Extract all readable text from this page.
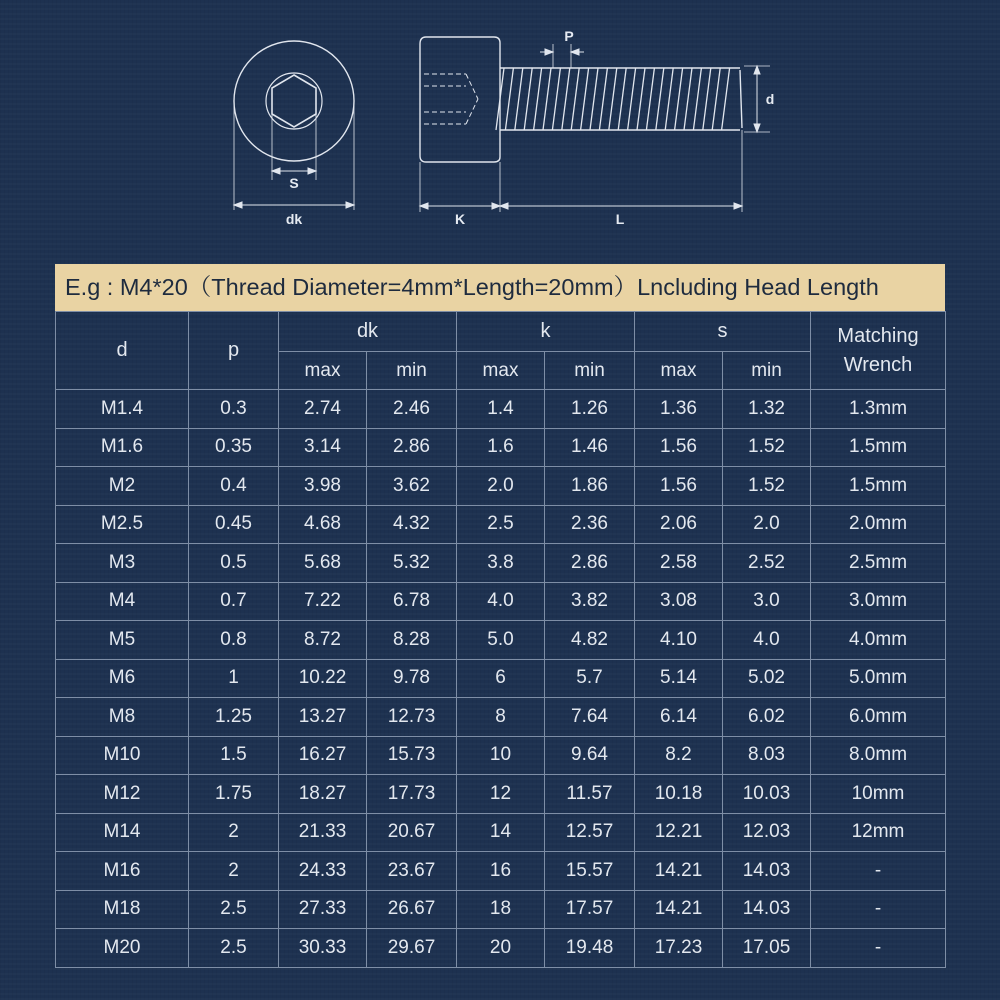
S
dk	K	L
P
d
E.g : M4*20（Thread Diameter=4mm*Length=20mm）Lncluding Head Length
d	p	dk		k		s		Matching
Wrench
		max	min	max	min	max	min	
M1.4	0.3	2.74	2.46	1.4	1.26	1.36	1.32	1.3mm
M1.6	0.35	3.14	2.86	1.6	1.46	1.56	1.52	1.5mm
M2	0.4	3.98	3.62	2.0	1.86	1.56	1.52	1.5mm
M2.5	0.45	4.68	4.32	2.5	2.36	2.06	2.0	2.0mm
M3	0.5	5.68	5.32	3.8	2.86	2.58	2.52	2.5mm
M4	0.7	7.22	6.78	4.0	3.82	3.08	3.0	3.0mm
M5	0.8	8.72	8.28	5.0	4.82	4.10	4.0	4.0mm
M6	1	10.22	9.78	6	5.7	5.14	5.02	5.0mm
M8	1.25	13.27	12.73	8	7.64	6.14	6.02	6.0mm
M10	1.5	16.27	15.73	10	9.64	8.2	8.03	8.0mm
M12	1.75	18.27	17.73	12	11.57	10.18	10.03	10mm
M14	2	21.33	20.67	14	12.57	12.21	12.03	12mm
M16	2	24.33	23.67	16	15.57	14.21	14.03	-
M18	2.5	27.33	26.67	18	17.57	14.21	14.03	-
M20	2.5	30.33	29.67	20	19.48	17.23	17.05	-
